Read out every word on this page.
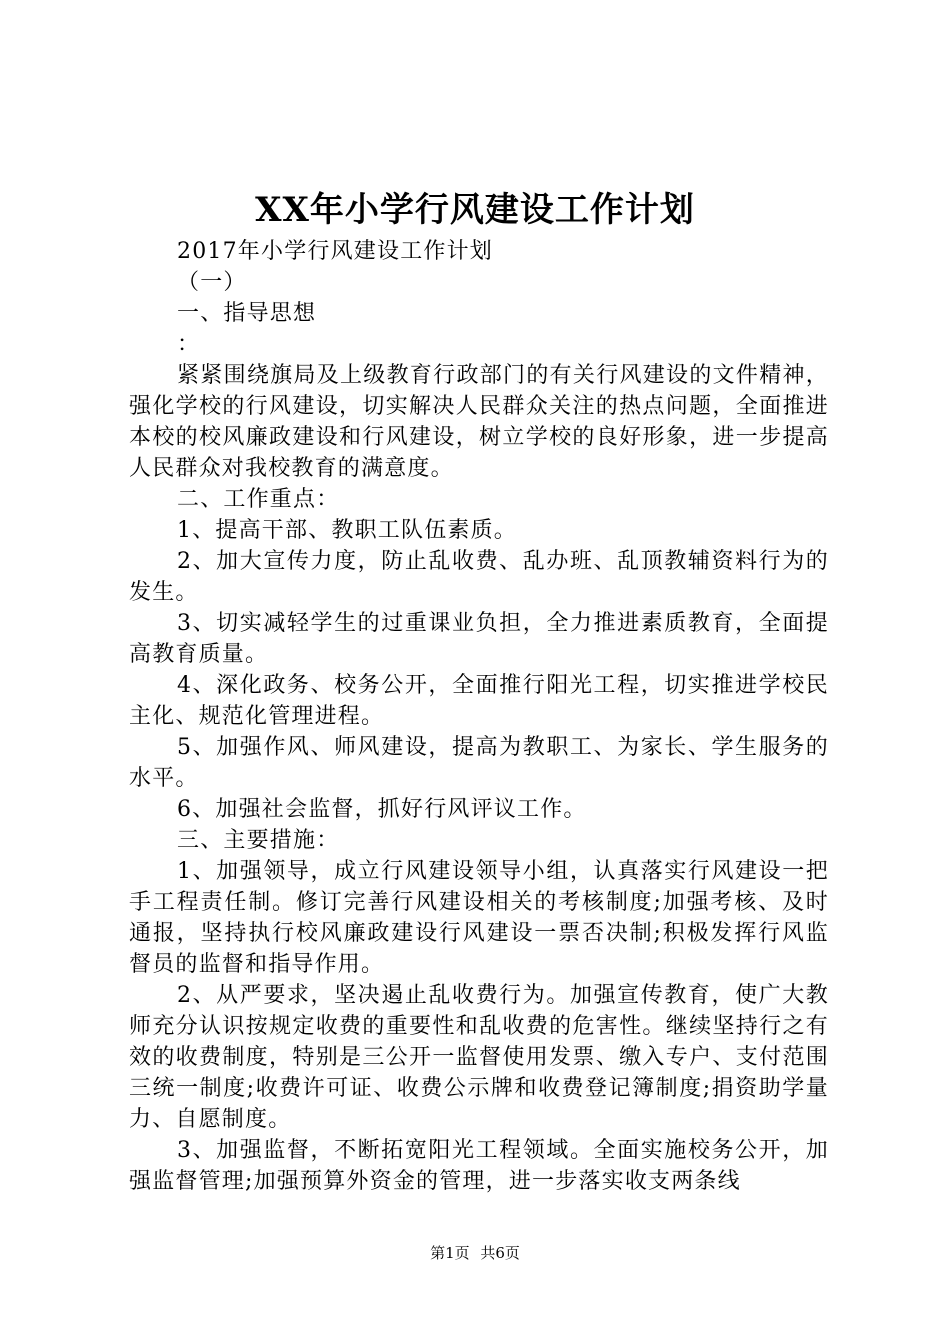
XX年小学行风建设工作计划

2017年小学行风建设工作计划

（一）

一、指导思想

：

紧紧围绕旗局及上级教育行政部门的有关行风建设的文件精神，强化学校的行风建设，切实解决人民群众关注的热点问题，全面推进本校的校风廉政建设和行风建设，树立学校的良好形象，进一步提高人民群众对我校教育的满意度。

二、工作重点：

1、提高干部、教职工队伍素质。

2、加大宣传力度，防止乱收费、乱办班、乱顶教辅资料行为的发生。

3、切实减轻学生的过重课业负担，全力推进素质教育，全面提高教育质量。

4、深化政务、校务公开，全面推行阳光工程，切实推进学校民主化、规范化管理进程。

5、加强作风、师风建设，提高为教职工、为家长、学生服务的水平。

6、加强社会监督，抓好行风评议工作。

三、主要措施：

1、加强领导，成立行风建设领导小组，认真落实行风建设一把手工程责任制。修订完善行风建设相关的考核制度;加强考核、及时通报，坚持执行校风廉政建设行风建设一票否决制;积极发挥行风监督员的监督和指导作用。

2、从严要求，坚决遏止乱收费行为。加强宣传教育，使广大教师充分认识按规定收费的重要性和乱收费的危害性。继续坚持行之有效的收费制度，特别是三公开一监督使用发票、缴入专户、支付范围三统一制度;收费许可证、收费公示牌和收费登记簿制度;捐资助学量力、自愿制度。

3、加强监督，不断拓宽阳光工程领域。全面实施校务公开，加强监督管理;加强预算外资金的管理，进一步落实收支两条线

第1页 共6页
